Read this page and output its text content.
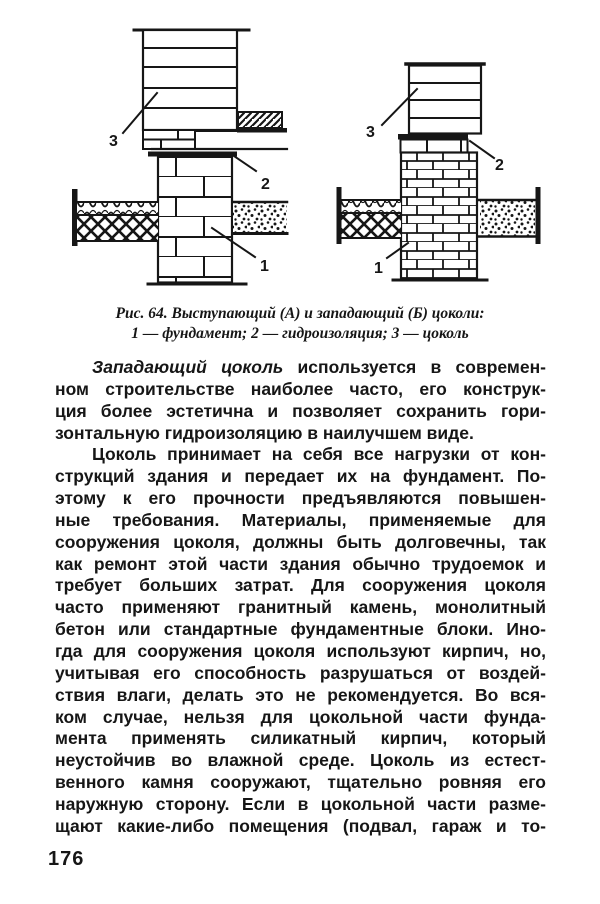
3
2
1
3
2
1
Рис. 64. Выступающий (А) и западающий (Б) цоколи:
1 — фундамент; 2 — гидроизоляция; 3 — цоколь
Западающий цоколь используется в современ-
ном строительстве наиболее часто, его конструк-
ция более эстетична и позволяет сохранить гори-
зонтальную гидроизоляцию в наилучшем виде.
Цоколь принимает на себя все нагрузки от кон-
струкций здания и передает их на фундамент. По-
этому к его прочности предъявляются повышен-
ные требования. Материалы, применяемые для
сооружения цоколя, должны быть долговечны, так
как ремонт этой части здания обычно трудоемок и
требует больших затрат. Для сооружения цоколя
часто применяют гранитный камень, монолитный
бетон или стандартные фундаментные блоки. Ино-
гда для сооружения цоколя используют кирпич, но,
учитывая его способность разрушаться от воздей-
ствия влаги, делать это не рекомендуется. Во вся-
ком случае, нельзя для цокольной части фунда-
мента применять силикатный кирпич, который
неустойчив во влажной среде. Цоколь из естест-
венного камня сооружают, тщательно ровняя его
наружную сторону. Если в цокольной части разме-
щают какие-либо помещения (подвал, гараж и то-
176
